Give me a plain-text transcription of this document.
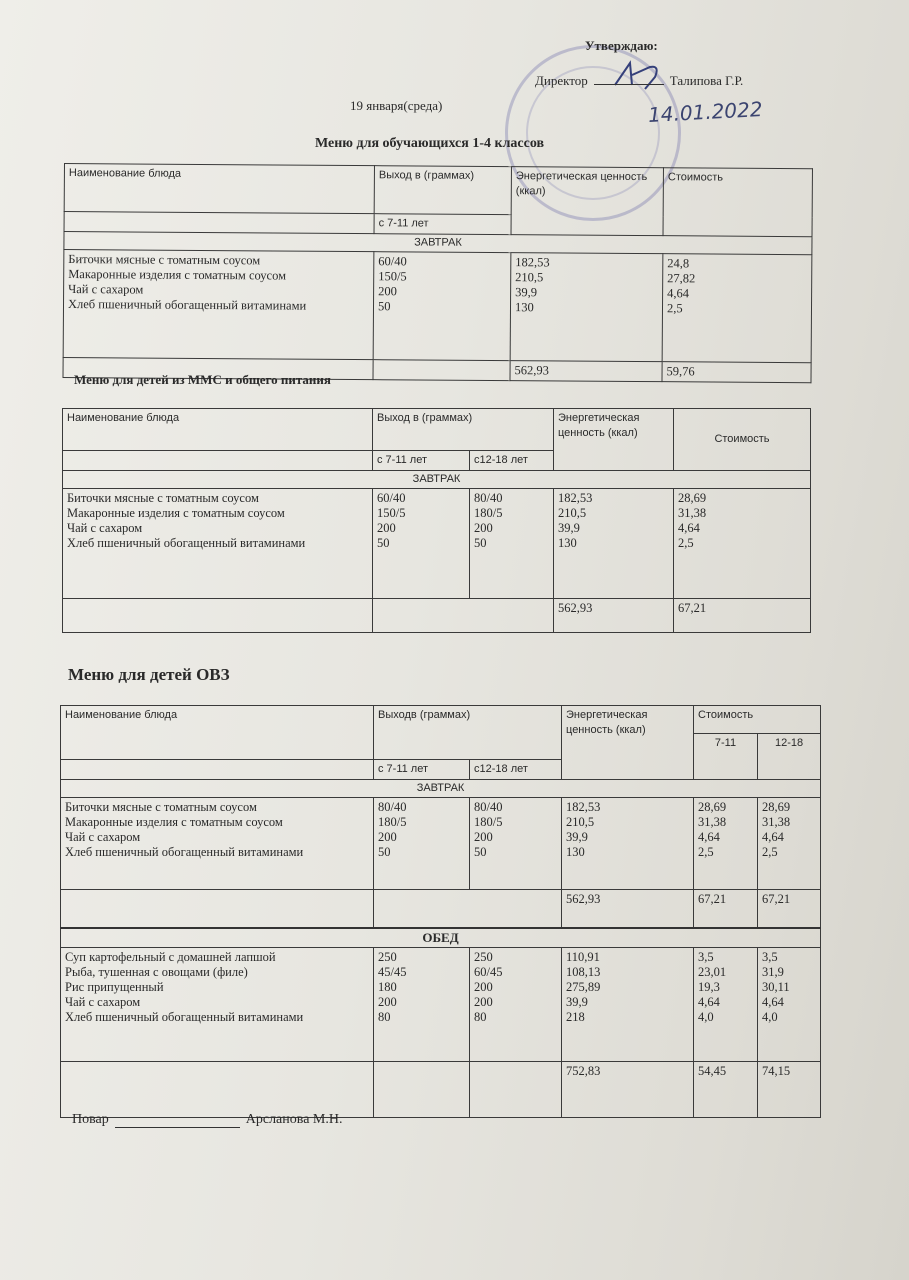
Утверждаю:
Директор	Талипова Г.Р.
14.01.2022
19 января(среда)
Меню для обучающихся 1-4 классов
Наименование блюда	Выход в (граммах)	Энергетическая ценность (ккал)	Стоимость
	с 7-11 лет		
ЗАВТРАК			

Биточки мясные с томатным соусом
Макаронные изделия с томатным соусом
Чай с сахаром
Хлеб пшеничный обогащенный витаминами	60/40
150/5
200
50	182,53
210,5
39,9
130	24,8
27,82
4,64
2,5

		562,93	59,76
Меню для детей из ММС и общего питания
Наименование блюда	Выход в (граммах)		Энергетическая ценность (ккал)	Стоимость
	с 7-11 лет	с12-18 лет		
ЗАВТРАК				

Биточки мясные с томатным соусом
Макаронные изделия с томатным соусом
Чай с сахаром
Хлеб пшеничный обогащенный витаминами	60/40
150/5
200
50	80/40
180/5
200
50	182,53
210,5
39,9
130	28,69
31,38
4,64
2,5

			562,93	67,21
Меню для детей ОВЗ
Наименование блюда	Выходв (граммах)		Энергетическая ценность (ккал)	Стоимость	
				7-11	12-18
	с 7-11 лет	с12-18 лет			
ЗАВТРАК					

Биточки мясные с томатным соусом
Макаронные изделия с томатным соусом
Чай с сахаром
Хлеб пшеничный обогащенный витаминами	80/40
180/5
200
50	80/40
180/5
200
50	182,53
210,5
39,9
130	28,69
31,38
4,64
2,5	28,69
31,38
4,64
2,5

			562,93	67,21	67,21
ОБЕД					

Суп картофельный с домашней лапшой
Рыба, тушенная с овощами (филе)
Рис припущенный
Чай с сахаром
Хлеб пшеничный обогащенный витаминами	250
45/45
180
200
80	250
60/45
200
200
80	110,91
108,13
275,89
39,9
218	3,5
23,01
19,3
4,64
4,0	3,5
31,9
30,11
4,64
4,0

			752,83	54,45	74,15
Повар	Арсланова М.Н.
